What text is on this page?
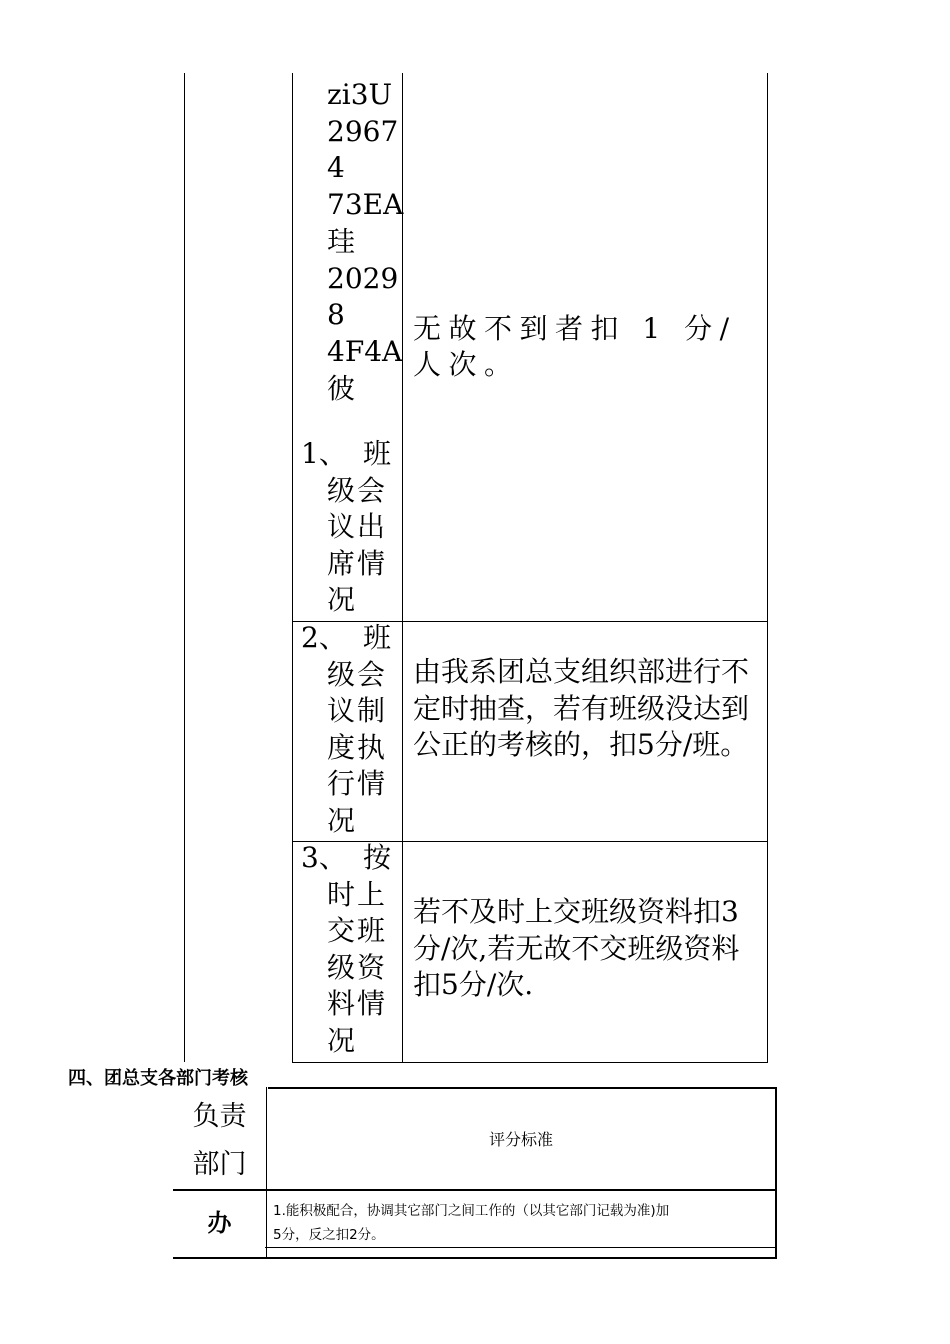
zi3U
2967
4
73EA
珪
2029
8
4F4A
彼
1、 班
级会
议出
席情
况
无故不到者扣 1 分/人次。
2、 班
级会
议制
度执
行情
况
由我系团总支组织部进行不定时抽查，若有班级没达到公正的考核的，扣5分/班。
3、 按
时上
交班
级资
料情
况
若不及时上交班级资料扣3分/次,若无故不交班级资料扣5分/次.
四、团总支各部门考核
负责
部门
评分标准
办	1.能积极配合，协调其它部门之间工作的（以其它部门记载为准)加
5分，反之扣2分。
